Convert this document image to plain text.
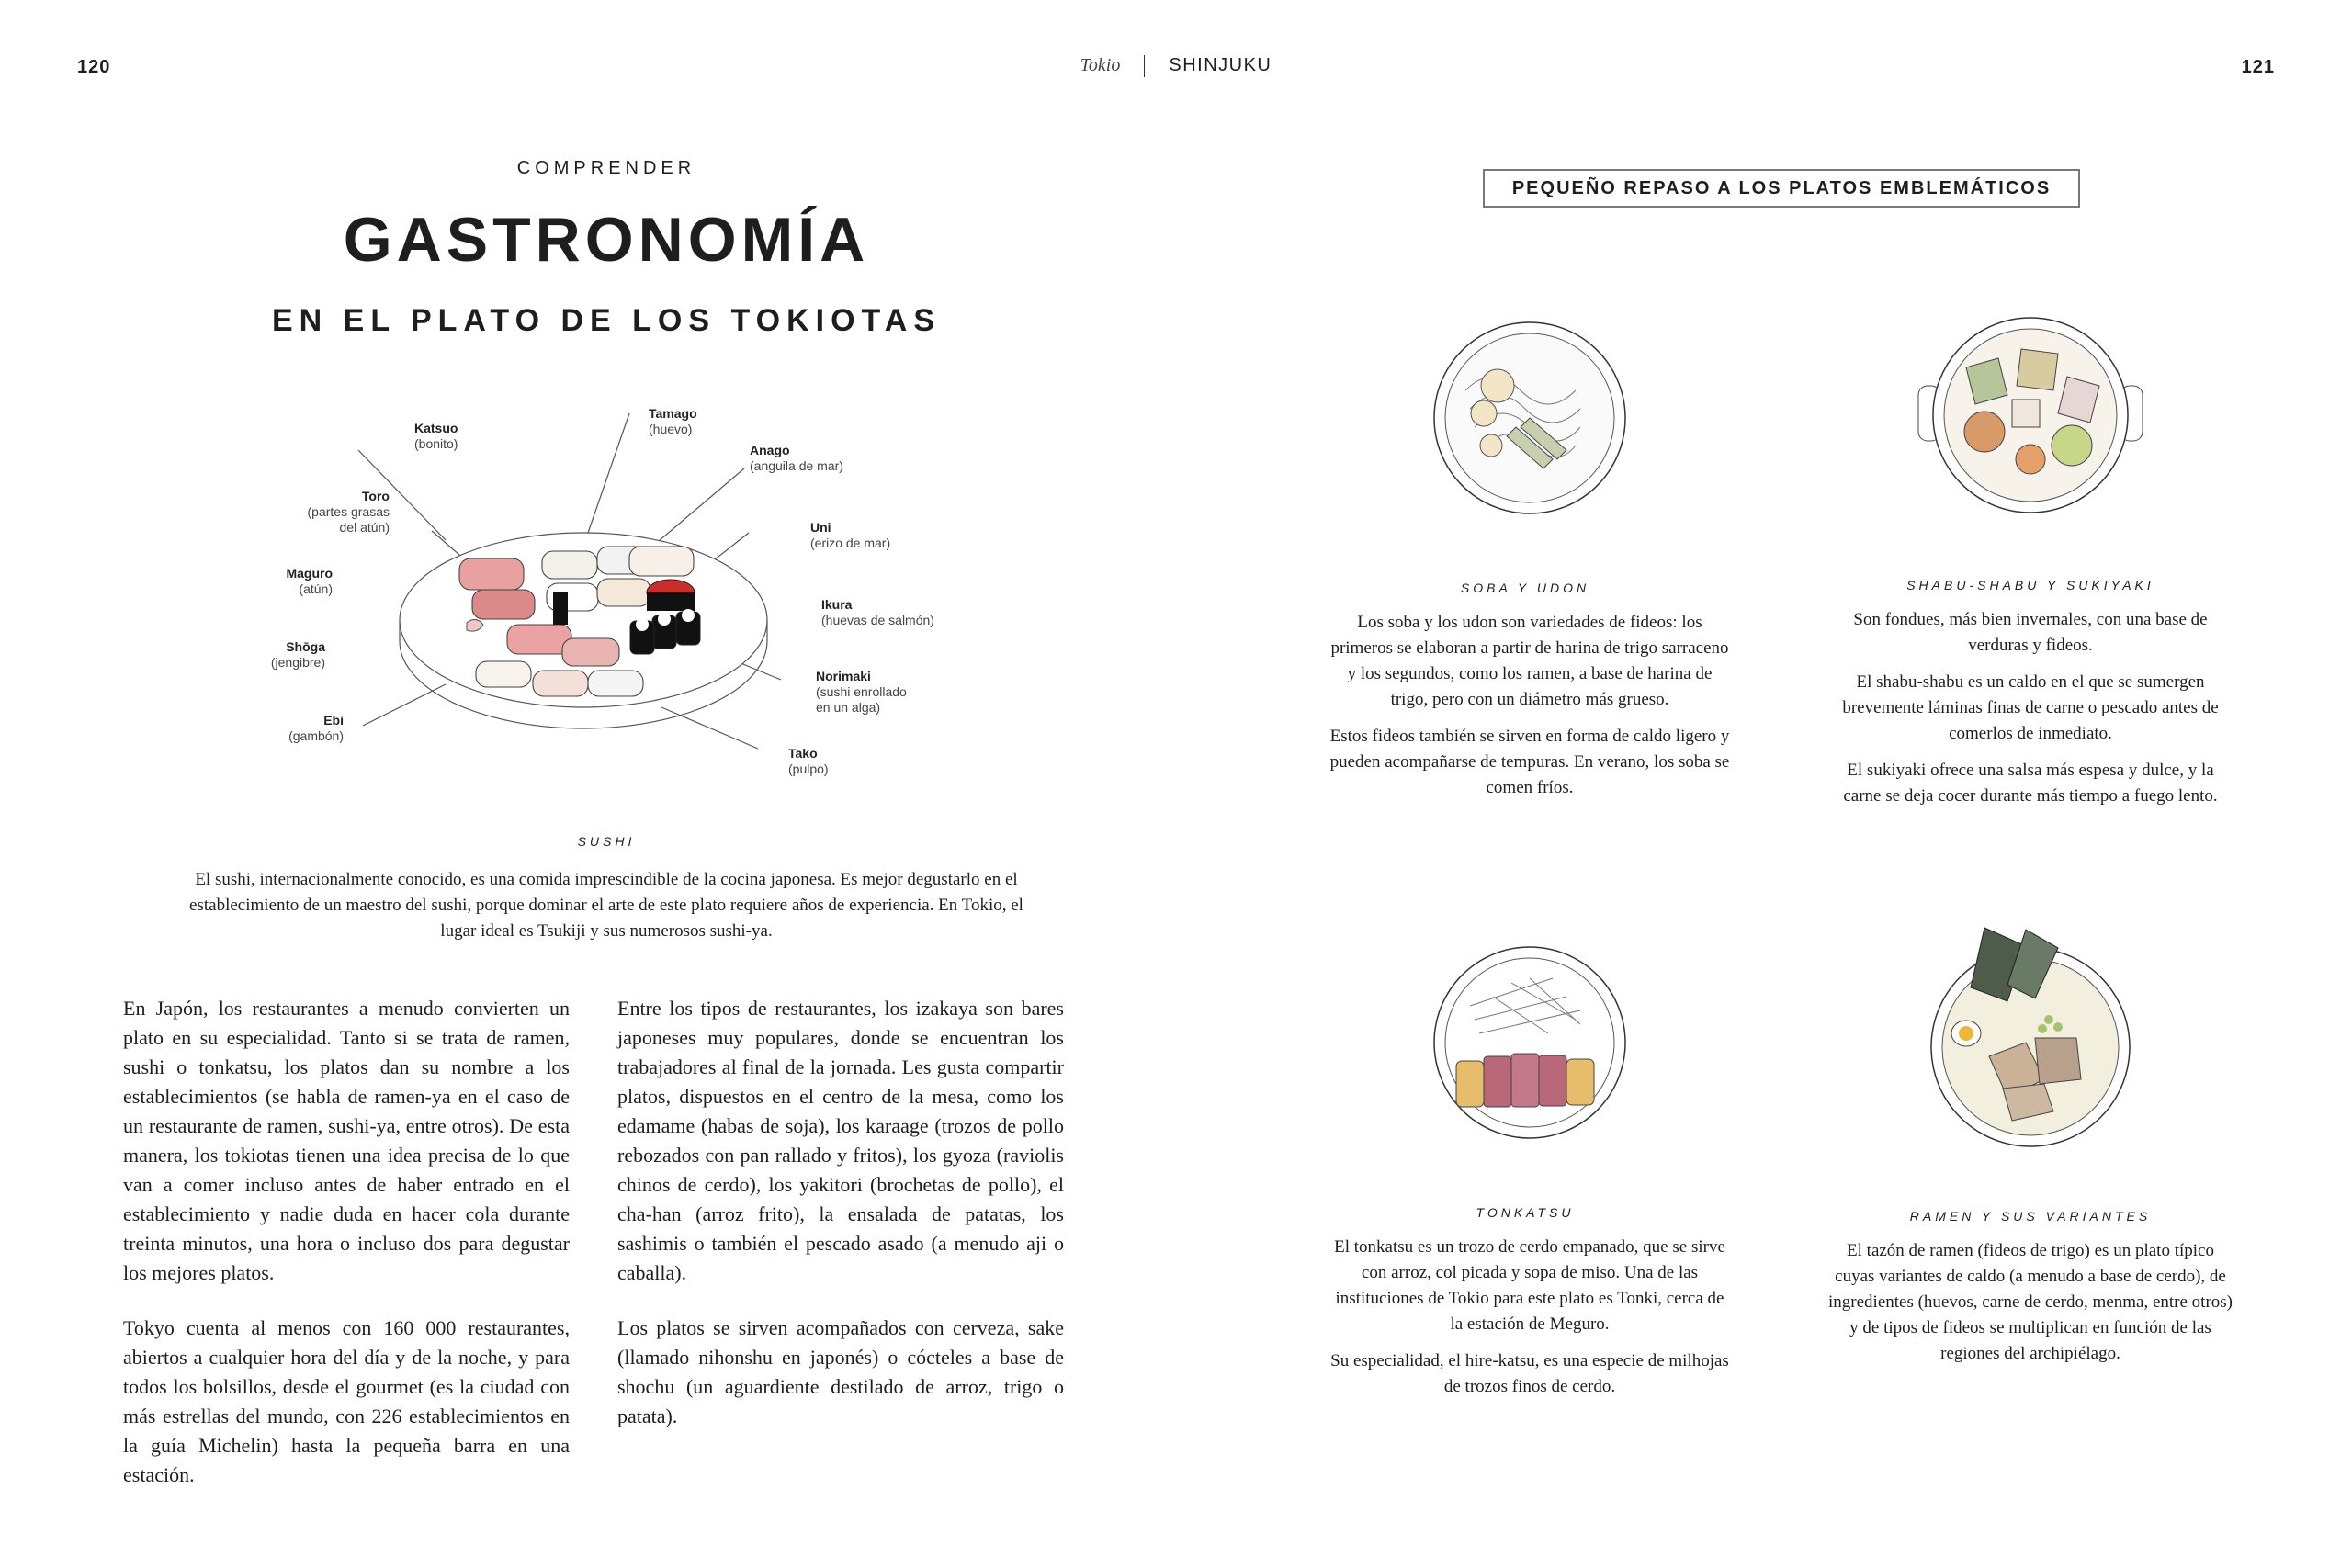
120	121
Tokio	SHINJUKU
COMPRENDER
GASTRONOMÍA
EN EL PLATO DE LOS TOKIOTAS
Katsuo
(bonito)
Tamago
(huevo)
Anago
(anguila de mar)
Toro
(partes grasas
del atún)	Uni
(erizo de mar)
Maguro
(atún)
Ikura
(huevas de salmón)
Shōga
(jengibre)
Norimaki
(sushi enrollado
en un alga)
Ebi
(gambón)
Tako
(pulpo)
SUSHI
El sushi, internacionalmente conocido, es una comida imprescindible de la cocina japonesa. Es mejor degustarlo en el establecimiento de un maestro del sushi, porque dominar el arte de este plato requiere años de experiencia. En Tokio, el lugar ideal es Tsukiji y sus numerosos sushi-ya.

En Japón, los restaurantes a menudo convierten un plato en su especialidad. Tanto si se trata de ramen, sushi o tonkatsu, los platos dan su nombre a los establecimientos (se habla de ramen-ya en el caso de un restaurante de ramen, sushi-ya, entre otros). De esta manera, los tokiotas tienen una idea precisa de lo que van a comer incluso antes de haber entrado en el establecimiento y nadie duda en hacer cola durante treinta minutos, una hora o incluso dos para degustar los mejores platos.

Tokyo cuenta al menos con 160 000 restaurantes, abiertos a cualquier hora del día y de la noche, y para todos los bolsillos, desde el gourmet (es la ciudad con más estrellas del mundo, con 226 establecimientos en la guía Michelin) hasta la pequeña barra en una estación.

Entre los tipos de restaurantes, los izakaya son bares japoneses muy populares, donde se encuentran los trabajadores al final de la jornada. Les gusta compartir platos, dispuestos en el centro de la mesa, como los edamame (habas de soja), los karaage (trozos de pollo rebozados con pan rallado y fritos), los gyoza (raviolis chinos de cerdo), los yakitori (brochetas de pollo), el cha-han (arroz frito), la ensalada de patatas, los sashimis o también el pescado asado (a menudo aji o caballa).

Los platos se sirven acompañados con cerveza, sake (llamado nihonshu en japonés) o cócteles a base de shochu (un aguardiente destilado de arroz, trigo o patata).

PEQUEÑO REPASO A LOS PLATOS EMBLEMÁTICOS
SOBA Y UDON

Los soba y los udon son variedades de fideos: los primeros se elaboran a partir de harina de trigo sarraceno y los segundos, como los ramen, a base de harina de trigo, pero con un diámetro más grueso.

Estos fideos también se sirven en forma de caldo ligero y pueden acompañarse de tempuras. En verano, los soba se comen fríos.

SHABU-SHABU Y SUKIYAKI

Son fondues, más bien invernales, con una base de verduras y fideos.

El shabu-shabu es un caldo en el que se sumergen brevemente láminas finas de carne o pescado antes de comerlos de inmediato.

El sukiyaki ofrece una salsa más espesa y dulce, y la carne se deja cocer durante más tiempo a fuego lento.

TONKATSU

El tonkatsu es un trozo de cerdo empanado, que se sirve con arroz, col picada y sopa de miso. Una de las instituciones de Tokio para este plato es Tonki, cerca de la estación de Meguro.

Su especialidad, el hire-katsu, es una especie de milhojas de trozos finos de cerdo.

RAMEN Y SUS VARIANTES

El tazón de ramen (fideos de trigo) es un plato típico cuyas variantes de caldo (a menudo a base de cerdo), de ingredientes (huevos, carne de cerdo, menma, entre otros) y de tipos de fideos se multiplican en función de las regiones del archipiélago.
